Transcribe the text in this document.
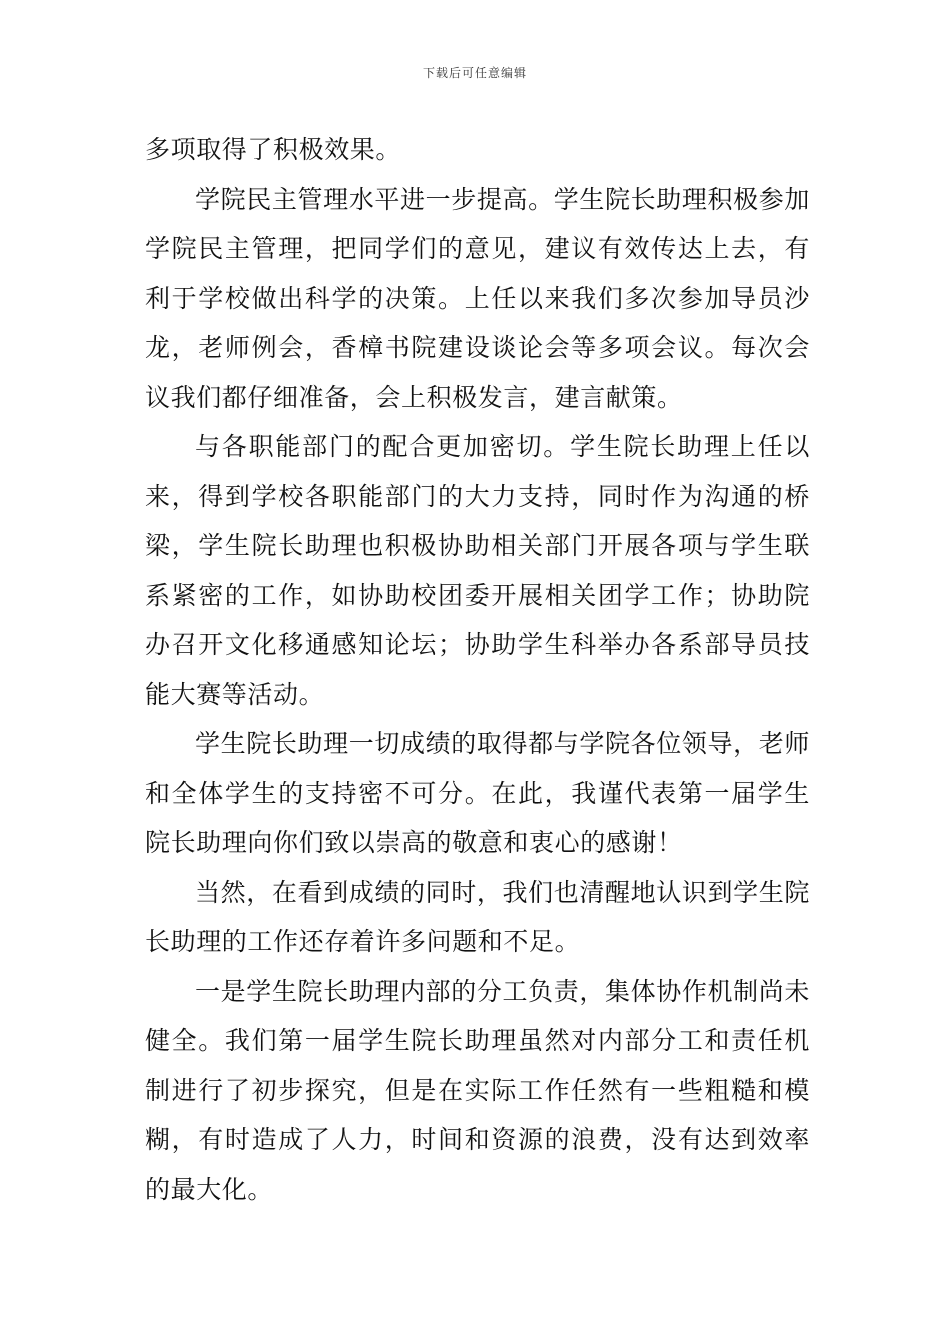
下载后可任意编辑

多项取得了积极效果。

学院民主管理水平进一步提高。学生院长助理积极参加学院民主管理，把同学们的意见，建议有效传达上去，有利于学校做出科学的决策。上任以来我们多次参加导员沙龙，老师例会，香樟书院建设谈论会等多项会议。每次会议我们都仔细准备，会上积极发言，建言献策。

与各职能部门的配合更加密切。学生院长助理上任以来，得到学校各职能部门的大力支持，同时作为沟通的桥梁，学生院长助理也积极协助相关部门开展各项与学生联系紧密的工作，如协助校团委开展相关团学工作；协助院办召开文化移通感知论坛；协助学生科举办各系部导员技能大赛等活动。

学生院长助理一切成绩的取得都与学院各位领导，老师和全体学生的支持密不可分。在此，我谨代表第一届学生院长助理向你们致以崇高的敬意和衷心的感谢！

当然，在看到成绩的同时，我们也清醒地认识到学生院长助理的工作还存着许多问题和不足。

一是学生院长助理内部的分工负责，集体协作机制尚未健全。我们第一届学生院长助理虽然对内部分工和责任机制进行了初步探究，但是在实际工作任然有一些粗糙和模糊，有时造成了人力，时间和资源的浪费，没有达到效率的最大化。
